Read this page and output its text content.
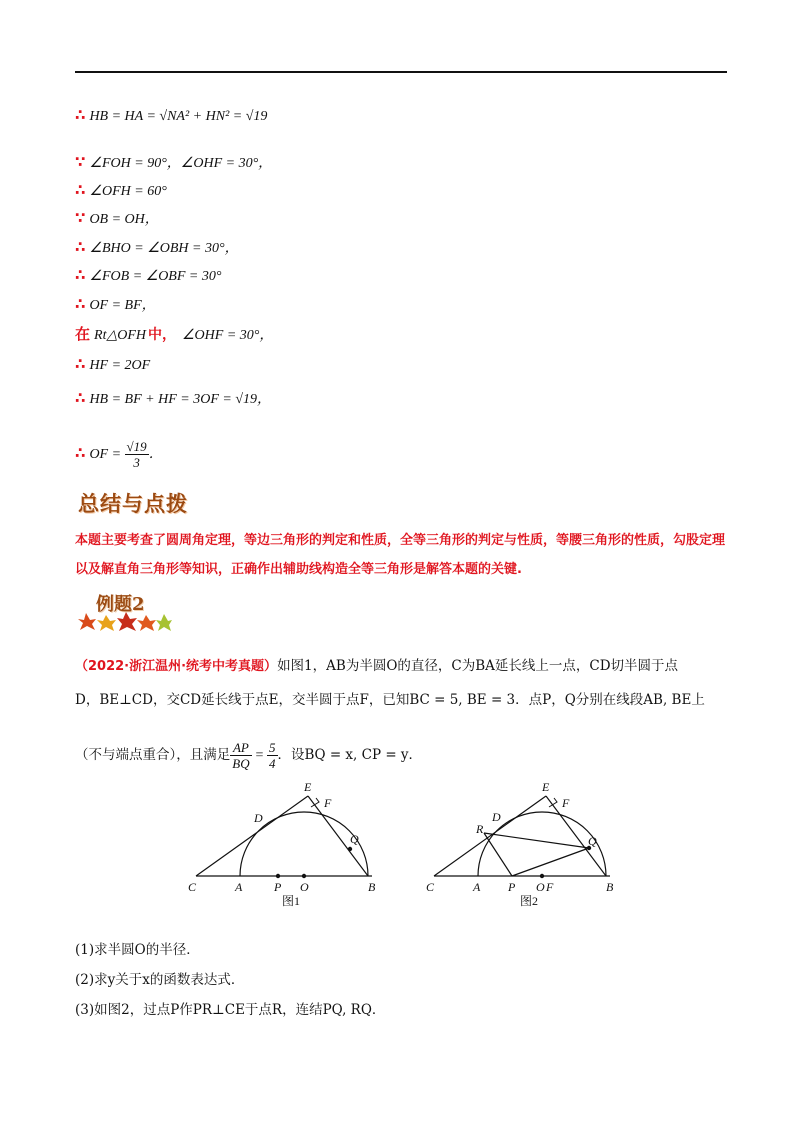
∴ HB = HA = √NA² + HN² = √19
∵ ∠FOH = 90°，∠OHF = 30°，
∴ ∠OFH = 60°
∵ OB = OH，
∴ ∠BHO = ∠OBH = 30°，
∴ ∠FOB = ∠OBF = 30°
∴ OF = BF，
在 Rt△OFH 中， ∠OHF = 30°，
∴ HF = 2OF
∴ HB = BF + HF = 3OF = √19，
∴ OF = $\frac{√19}{3}$ ．
总结与点拨
本题主要考查了圆周角定理，等边三角形的判定和性质，全等三角形的判定与性质，等腰三角形的性质，勾股定理以及解直角三角形等知识，正确作出辅助线构造全等三角形是解答本题的关键.
例题2
（2022·浙江温州·统考中考真题）如图1，AB为半圆O的直径，C为BA延长线上一点，CD切半圆于点
D，BE⊥CD，交CD延长线于点E，交半圆于点F，已知BC = 5, BE = 3．点P，Q分别在线段AB, BE上
（不与端点重合），且满足 $\frac{AP}{BQ} = \frac{5}{4}$ ．设BQ = x, CP = y．
C	A	P O	B
D
E
F
Q
图1
C	A P O F	B
D
E
F
R
Q
图2
(1)求半圆O的半径．
(2)求y关于x的函数表达式．
(3)如图2，过点P作PR⊥CE于点R，连结PQ, RQ．
